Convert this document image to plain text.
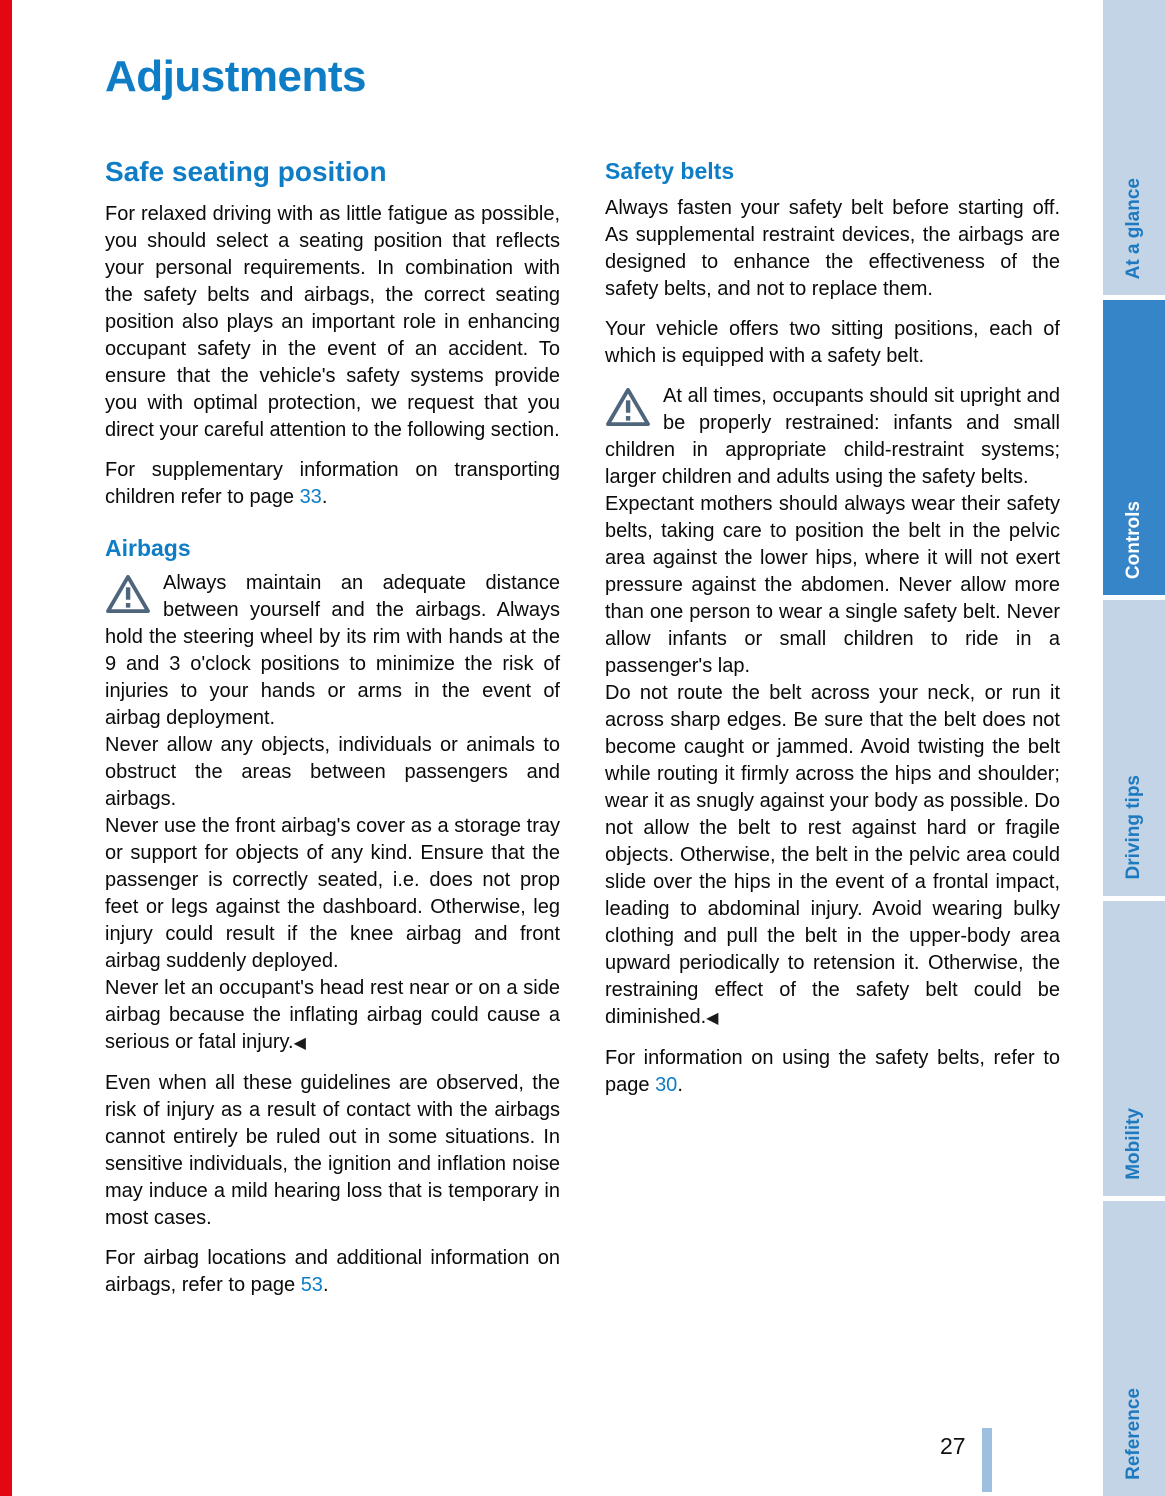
Adjustments
Safe seating position

For relaxed driving with as little fatigue as possible, you should select a seating position that reflects your personal requirements. In combination with the safety belts and airbags, the correct seating position also plays an important role in enhancing occupant safety in the event of an accident. To ensure that the vehicle's safety systems provide you with optimal protection, we request that you direct your careful attention to the following section.

For supplementary information on transporting children refer to page 33.

Airbags

Always maintain an adequate distance between yourself and the airbags. Always hold the steering wheel by its rim with hands at the 9 and 3 o'clock positions to minimize the risk of injuries to your hands or arms in the event of airbag deployment.

Never allow any objects, individuals or animals to obstruct the areas between passengers and airbags.

Never use the front airbag's cover as a storage tray or support for objects of any kind. Ensure that the passenger is correctly seated, i.e. does not prop feet or legs against the dashboard. Otherwise, leg injury could result if the knee airbag and front airbag suddenly deployed.

Never let an occupant's head rest near or on a side airbag because the inflating airbag could cause a serious or fatal injury.◀

Even when all these guidelines are observed, the risk of injury as a result of contact with the airbags cannot entirely be ruled out in some situations. In sensitive individuals, the ignition and inflation noise may induce a mild hearing loss that is temporary in most cases.

For airbag locations and additional information on airbags, refer to page 53.

Safety belts

Always fasten your safety belt before starting off. As supplemental restraint devices, the airbags are designed to enhance the effectiveness of the safety belts, and not to replace them.

Your vehicle offers two sitting positions, each of which is equipped with a safety belt.

At all times, occupants should sit upright and be properly restrained: infants and small children in appropriate child-restraint systems; larger children and adults using the safety belts.

Expectant mothers should always wear their safety belts, taking care to position the belt in the pelvic area against the lower hips, where it will not exert pressure against the abdomen. Never allow more than one person to wear a single safety belt. Never allow infants or small children to ride in a passenger's lap.

Do not route the belt across your neck, or run it across sharp edges. Be sure that the belt does not become caught or jammed. Avoid twisting the belt while routing it firmly across the hips and shoulder; wear it as snugly against your body as possible. Do not allow the belt to rest against hard or fragile objects. Otherwise, the belt in the pelvic area could slide over the hips in the event of a frontal impact, leading to abdominal injury. Avoid wearing bulky clothing and pull the belt in the upper-body area upward periodically to retension it. Otherwise, the restraining effect of the safety belt could be diminished.◀

For information on using the safety belts, refer to page 30.

At a glance
Controls
Driving tips
Mobility
Reference
27
